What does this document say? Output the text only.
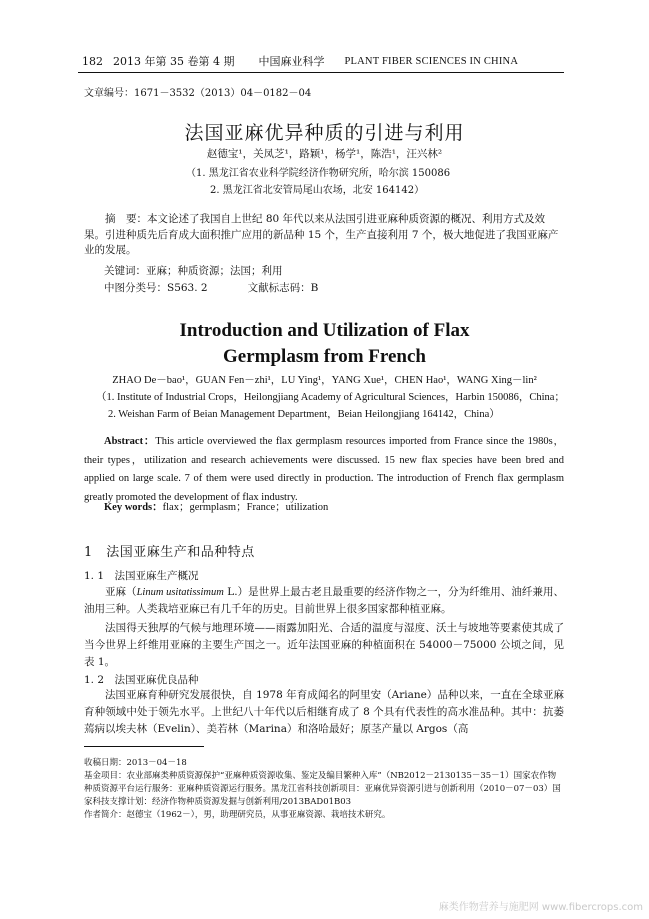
182 2013 年第 35 卷第 4 期 中国麻业科学 PLANT FIBER SCIENCES IN CHINA
文章编号：1671－3532（2013）04－0182－04
法国亚麻优异种质的引进与利用
赵德宝¹，关凤芝¹，路颖¹，杨学¹，陈浩¹，汪兴林²
（1. 黑龙江省农业科学院经济作物研究所，哈尔滨 150086
2. 黑龙江省北安管局尾山农场，北安 164142）
摘　要：本文论述了我国自上世纪 80 年代以来从法国引进亚麻种质资源的概况、利用方式及效果。引进种质先后育成大面积推广应用的新品种 15 个，生产直接利用 7 个，极大地促进了我国亚麻产业的发展。
关键词：亚麻；种质资源；法国；利用
中图分类号：S563. 2	文献标志码：B
Introduction and Utilization of Flax
Germplasm from French
ZHAO De－bao¹，GUAN Fen－zhi¹，LU Ying¹，YANG Xue¹，CHEN Hao¹，WANG Xing－lin²
（1. Institute of Industrial Crops，Heilongjiang Academy of Agricultural Sciences，Harbin 150086，China；
2. Weishan Farm of Beian Management Department，Beian Heilongjiang 164142，China）
Abstract：This article overviewed the flax germplasm resources imported from France since the 1980s，their types，utilization and research achievements were discussed. 15 new flax species have been bred and applied on large scale. 7 of them were used directly in production. The introduction of French flax germplasm greatly promoted the development of flax industry.
Key words：flax；germplasm；France；utilization
1　法国亚麻生产和品种特点
1. 1　法国亚麻生产概况
亚麻（Linum usitatissimum L.）是世界上最古老且最重要的经济作物之一，分为纤维用、油纤兼用、油用三种。人类栽培亚麻已有几千年的历史。目前世界上很多国家都种植亚麻。
法国得天独厚的气候与地理环境——雨露加阳光、合适的温度与湿度、沃土与坡地等要素使其成了当今世界上纤维用亚麻的主要生产国之一。近年法国亚麻的种植面积在 54000－75000 公顷之间，见表 1。
1. 2　法国亚麻优良品种
法国亚麻育种研究发展很快，自 1978 年育成闻名的阿里安（Ariane）品种以来，一直在全球亚麻育种领域中处于领先水平。上世纪八十年代以后相继育成了 8 个具有代表性的高水准品种。其中：抗萎蔫病以埃夫林（Evelin）、美若林（Marina）和洛哈最好；原茎产量以 Argos（高

收稿日期：2013－04－18

基金项目：农业部麻类种质资源保护“亚麻种质资源收集、鉴定及编目繁种入库”（NB2012－2130135－35－1）国家农作物种质资源平台运行服务：亚麻种质资源运行服务。黑龙江省科技创新项目：亚麻优异资源引进与创新利用（2010－07－03）国家科技支撑计划：经济作物种质资源发掘与创新利用/2013BAD01B03

作者简介：赵德宝（1962－），男，助理研究员，从事亚麻资源、栽培技术研究。

麻类作物营养与施肥网 www.fibercrops.com
